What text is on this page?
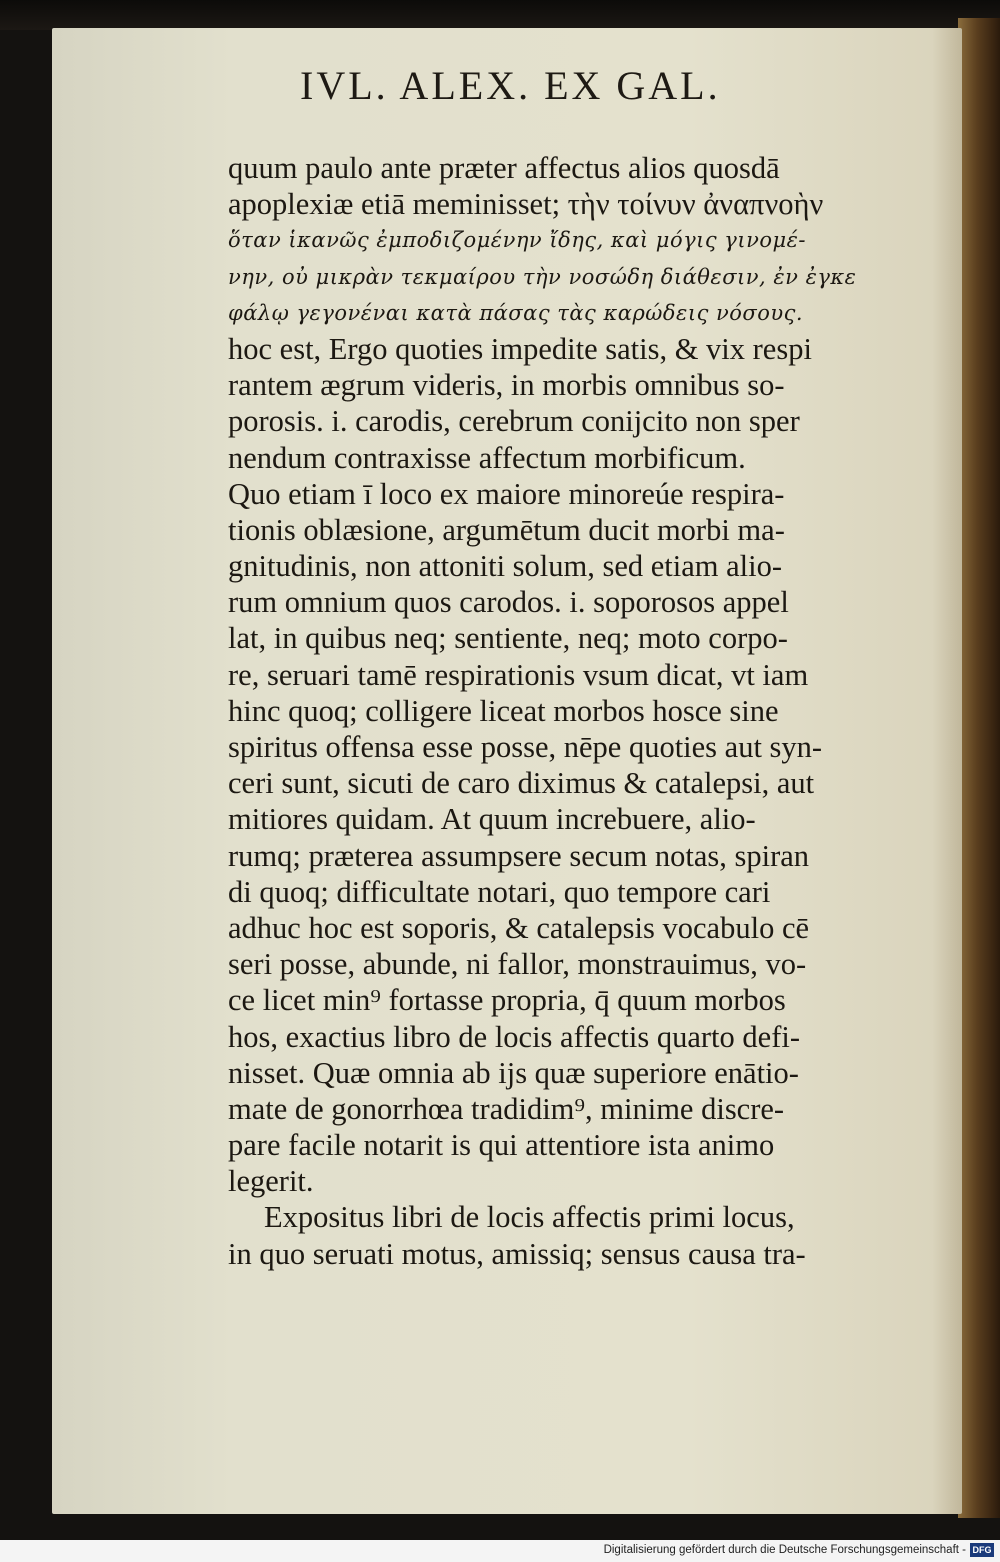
IVL. ALEX. EX GAL.
quum paulo ante præter affectus alios quosdā
apoplexiæ etiā meminisset; τὴν τοίνυν ἀναπνοὴν
ὅταν ἱκανῶς ἐμποδιζομένην ἴδης, καὶ μόγις γινομέ-
νην, οὐ μικρὰν τεκμαίρου τὴν νοσώδη διάθεσιν, ἐν ἐγκε
φάλῳ γεγονέναι κατὰ πάσας τὰς καρώδεις νόσους.
hoc est, Ergo quoties impedite satis, & vix respi
rantem ægrum videris, in morbis omnibus so-
porosis. i. carodis, cerebrum conijcito non sper
nendum contraxisse affectum morbificum.
Quo etiam ī loco ex maiore minoreúe respira-
tionis oblæsione, argumētum ducit morbi ma-
gnitudinis, non attoniti solum, sed etiam alio-
rum omnium quos carodos. i. soporosos appel
lat, in quibus neq; sentiente, neq; moto corpo-
re, seruari tamē respirationis vsum dicat, vt iam
hinc quoq; colligere liceat morbos hosce sine
spiritus offensa esse posse, nēpe quoties aut syn-
ceri sunt, sicuti de caro diximus & catalepsi, aut
mitiores quidam. At quum increbuere, alio-
rumq; præterea assumpsere secum notas, spiran
di quoq; difficultate notari, quo tempore cari
adhuc hoc est soporis, & catalepsis vocabulo cē
seri posse, abunde, ni fallor, monstrauimus, vo-
ce licet min⁹ fortasse propria, q̄ quum morbos
hos, exactius libro de locis affectis quarto defi-
nisset. Quæ omnia ab ijs quæ superiore enātio-
mate de gonorrhœa tradidim⁹, minime discre-
pare facile notarit is qui attentiore ista animo
legerit.
Expositus libri de locis affectis primi locus,
in quo seruati motus, amissiq; sensus causa tra-
Digitalisierung gefördert durch die Deutsche Forschungsgemeinschaft - DFG
